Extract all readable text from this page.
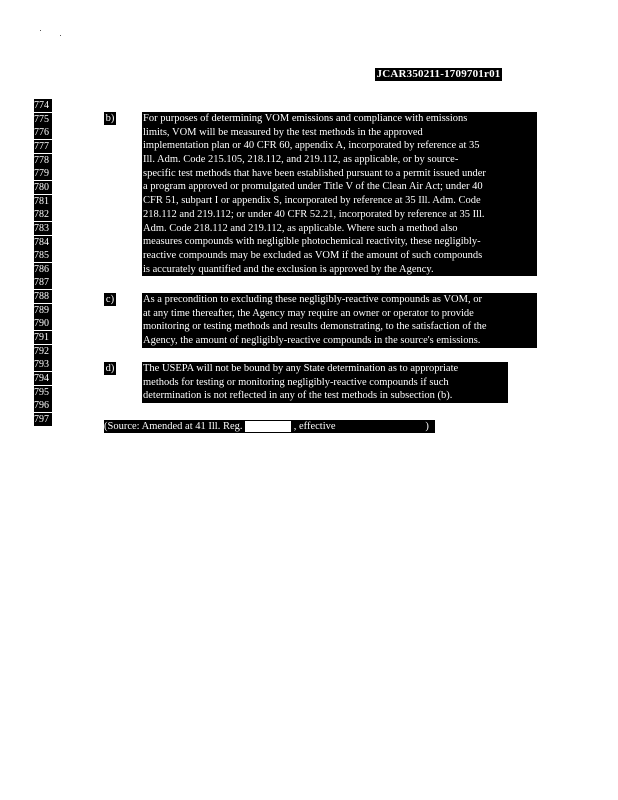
JCAR350211-1709701r01
774
775
776
777
778
779
780
781
782
783
784
785
786
787
788
789
790
791
792
793
794
795
796
797
b)	For purposes of determining VOM emissions and compliance with emissions
limits, VOM will be measured by the test methods in the approved
implementation plan or 40 CFR 60, appendix A, incorporated by reference at 35
Ill. Adm. Code 215.105, 218.112, and 219.112, as applicable, or by source-
specific test methods that have been established pursuant to a permit issued under
a program approved or promulgated under Title V of the Clean Air Act; under 40
CFR 51, subpart I or appendix S, incorporated by reference at 35 Ill. Adm. Code
218.112 and 219.112; or under 40 CFR 52.21, incorporated by reference at 35 Ill.
Adm. Code 218.112 and 219.112, as applicable. Where such a method also
measures compounds with negligible photochemical reactivity, these negligibly-
reactive compounds may be excluded as VOM if the amount of such compounds
is accurately quantified and the exclusion is approved by the Agency.
c)	As a precondition to excluding these negligibly-reactive compounds as VOM, or
at any time thereafter, the Agency may require an owner or operator to provide
monitoring or testing methods and results demonstrating, to the satisfaction of the
Agency, the amount of negligibly-reactive compounds in the source's emissions.
d)	The USEPA will not be bound by any State determination as to appropriate
methods for testing or monitoring negligibly-reactive compounds if such
determination is not reflected in any of the test methods in subsection (b).
(Source: Amended at 41 Ill. Reg.	, effective	)
